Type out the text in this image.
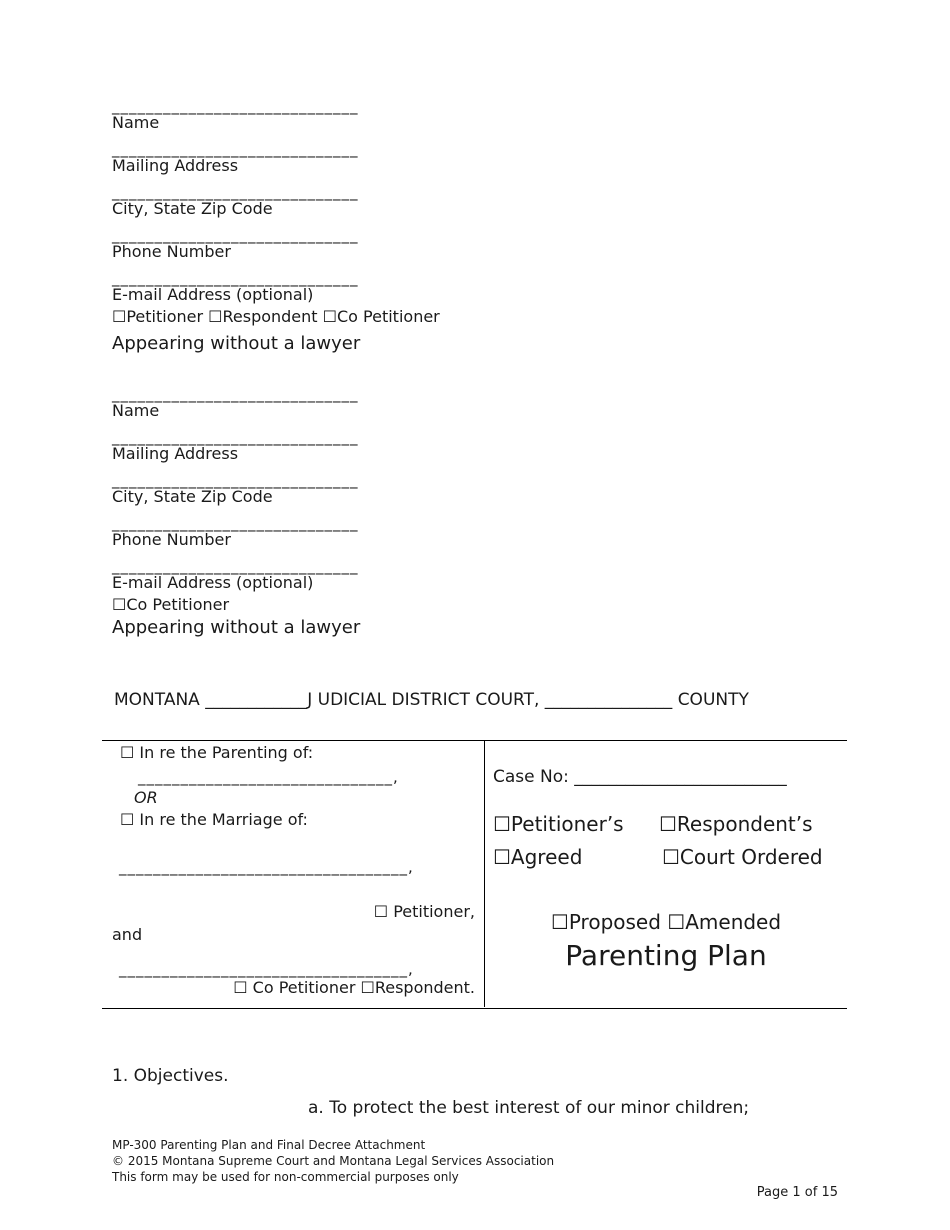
_____________________________
Name
_____________________________
Mailing Address
_____________________________
City, State Zip Code
_____________________________
Phone Number
_____________________________
E-mail Address (optional)
☐Petitioner ☐Respondent ☐Co Petitioner
Appearing without a lawyer
_____________________________
Name
_____________________________
Mailing Address
_____________________________
City, State Zip Code
_____________________________
Phone Number
_____________________________
E-mail Address (optional)
☐Co Petitioner
Appearing without a lawyer
MONTANA ____________J UDICIAL DISTRICT COURT, _______________ COUNTY
☐ In re the Parenting of:
______________________________,
OR
☐ In re the Marriage of:
__________________________________,
☐ Petitioner,
and
__________________________________,
☐ Co Petitioner ☐Respondent.
Case No: _________________________
☐Petitioner’s ☐Respondent’s
☐Agreed	☐Court Ordered
☐Proposed ☐Amended
Parenting Plan
1. Objectives.
a. To protect the best interest of our minor children;
MP-300 Parenting Plan and Final Decree Attachment
© 2015 Montana Supreme Court and Montana Legal Services Association
This form may be used for non-commercial purposes only
Page 1 of 15
